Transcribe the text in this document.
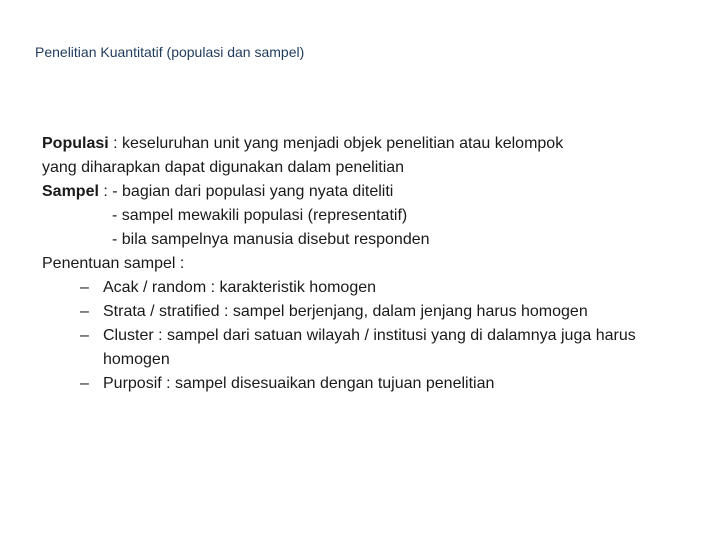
Penelitian Kuantitatif (populasi dan sampel)
Populasi : keseluruhan unit yang menjadi objek penelitian atau kelompok
yang diharapkan dapat digunakan dalam penelitian
Sampel : - bagian dari populasi yang nyata diteliti
- sampel mewakili populasi (representatif)
- bila sampelnya manusia disebut responden
Penentuan sampel :
– Acak / random : karakteristik homogen
– Strata / stratified : sampel berjenjang, dalam jenjang harus homogen
– Cluster : sampel dari satuan wilayah / institusi yang di dalamnya juga harus homogen
– Purposif : sampel disesuaikan dengan tujuan penelitian
